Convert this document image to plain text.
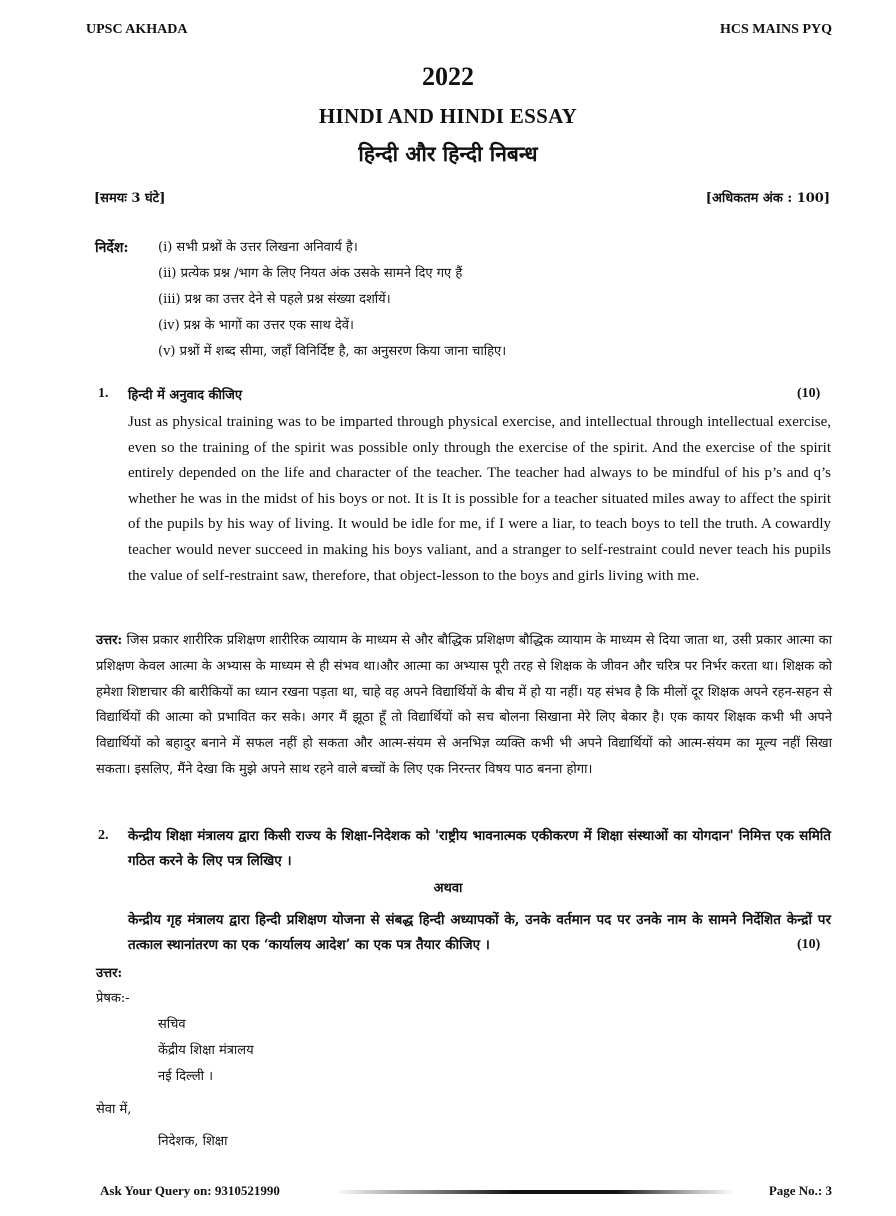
UPSC AKHADA	HCS MAINS PYQ
2022
HINDI AND HINDI ESSAY
हिन्दी और हिन्दी निबन्ध
[समयः 3 घंटे]	[अधिकतम अंक : 100]
निर्देश: (i) सभी प्रश्नों के उत्तर लिखना अनिवार्य है।
(ii) प्रत्येक प्रश्न /भाग के लिए नियत अंक उसके सामने दिए गए हैं
(iii) प्रश्न का उत्तर देने से पहले प्रश्न संख्या दर्शायें।
(iv) प्रश्न के भागों का उत्तर एक साथ देवें।
(v) प्रश्नों में शब्द सीमा, जहाँ विनिर्दिष्ट है, का अनुसरण किया जाना चाहिए।
1. हिन्दी में अनुवाद कीजिए	(10)
Just as physical training was to be imparted through physical exercise, and intellectual through intellectual exercise, even so the training of the spirit was possible only through the exercise of the spirit. And the exercise of the spirit entirely depended on the life and character of the teacher. The teacher had always to be mindful of his p’s and q’s whether he was in the midst of his boys or not. It is It is possible for a teacher situated miles away to affect the spirit of the pupils by his way of living. It would be idle for me, if I were a liar, to teach boys to tell the truth. A cowardly teacher would never succeed in making his boys valiant, and a stranger to self-restraint could never teach his pupils the value of self-restraint saw, therefore, that object-lesson to the boys and girls living with me.
उत्तर: जिस प्रकार शारीरिक प्रशिक्षण शारीरिक व्यायाम के माध्यम से और बौद्धिक प्रशिक्षण बौद्धिक व्यायाम के माध्यम से दिया जाता था, उसी प्रकार आत्मा का प्रशिक्षण केवल आत्मा के अभ्यास के माध्यम से ही संभव था।और आत्मा का अभ्यास पूरी तरह से शिक्षक के जीवन और चरित्र पर निर्भर करता था। शिक्षक को हमेशा शिष्टाचार की बारीकियों का ध्यान रखना पड़ता था, चाहे वह अपने विद्यार्थियों के बीच में हो या नहीं। यह संभव है कि मीलों दूर शिक्षक अपने रहन-सहन से विद्यार्थियों की आत्मा को प्रभावित कर सके। अगर मैं झूठा हूँ तो विद्यार्थियों को सच बोलना सिखाना मेरे लिए बेकार है। एक कायर शिक्षक कभी भी अपने विद्यार्थियों को बहादुर बनाने में सफल नहीं हो सकता और आत्म-संयम से अनभिज्ञ व्यक्ति कभी भी अपने विद्यार्थियों को आत्म-संयम का मूल्य नहीं सिखा सकता। इसलिए, मैंने देखा कि मुझे अपने साथ रहने वाले बच्चों के लिए एक निरन्तर विषय पाठ बनना होगा।
2. केन्द्रीय शिक्षा मंत्रालय द्वारा किसी राज्य के शिक्षा-निदेशक को 'राष्ट्रीय भावनात्मक एकीकरण में शिक्षा संस्थाओं का योगदान' निमित्त एक समिति गठित करने के लिए पत्र लिखिए ।
अथवा
केन्द्रीय गृह मंत्रालय द्वारा हिन्दी प्रशिक्षण योजना से संबद्ध हिन्दी अध्यापकों के, उनके वर्तमान पद पर उनके नाम के सामने निर्देशित केन्द्रों पर तत्काल स्थानांतरण का एक ‘कार्यालय आदेश’ का एक पत्र तैयार कीजिए ।	(10)
उत्तर:
प्रेषक:-
सचिव
केंद्रीय शिक्षा मंत्रालय
नई दिल्ली ।
सेवा में,
निदेशक, शिक्षा
Ask Your Query on: 9310521990	Page No.: 3
